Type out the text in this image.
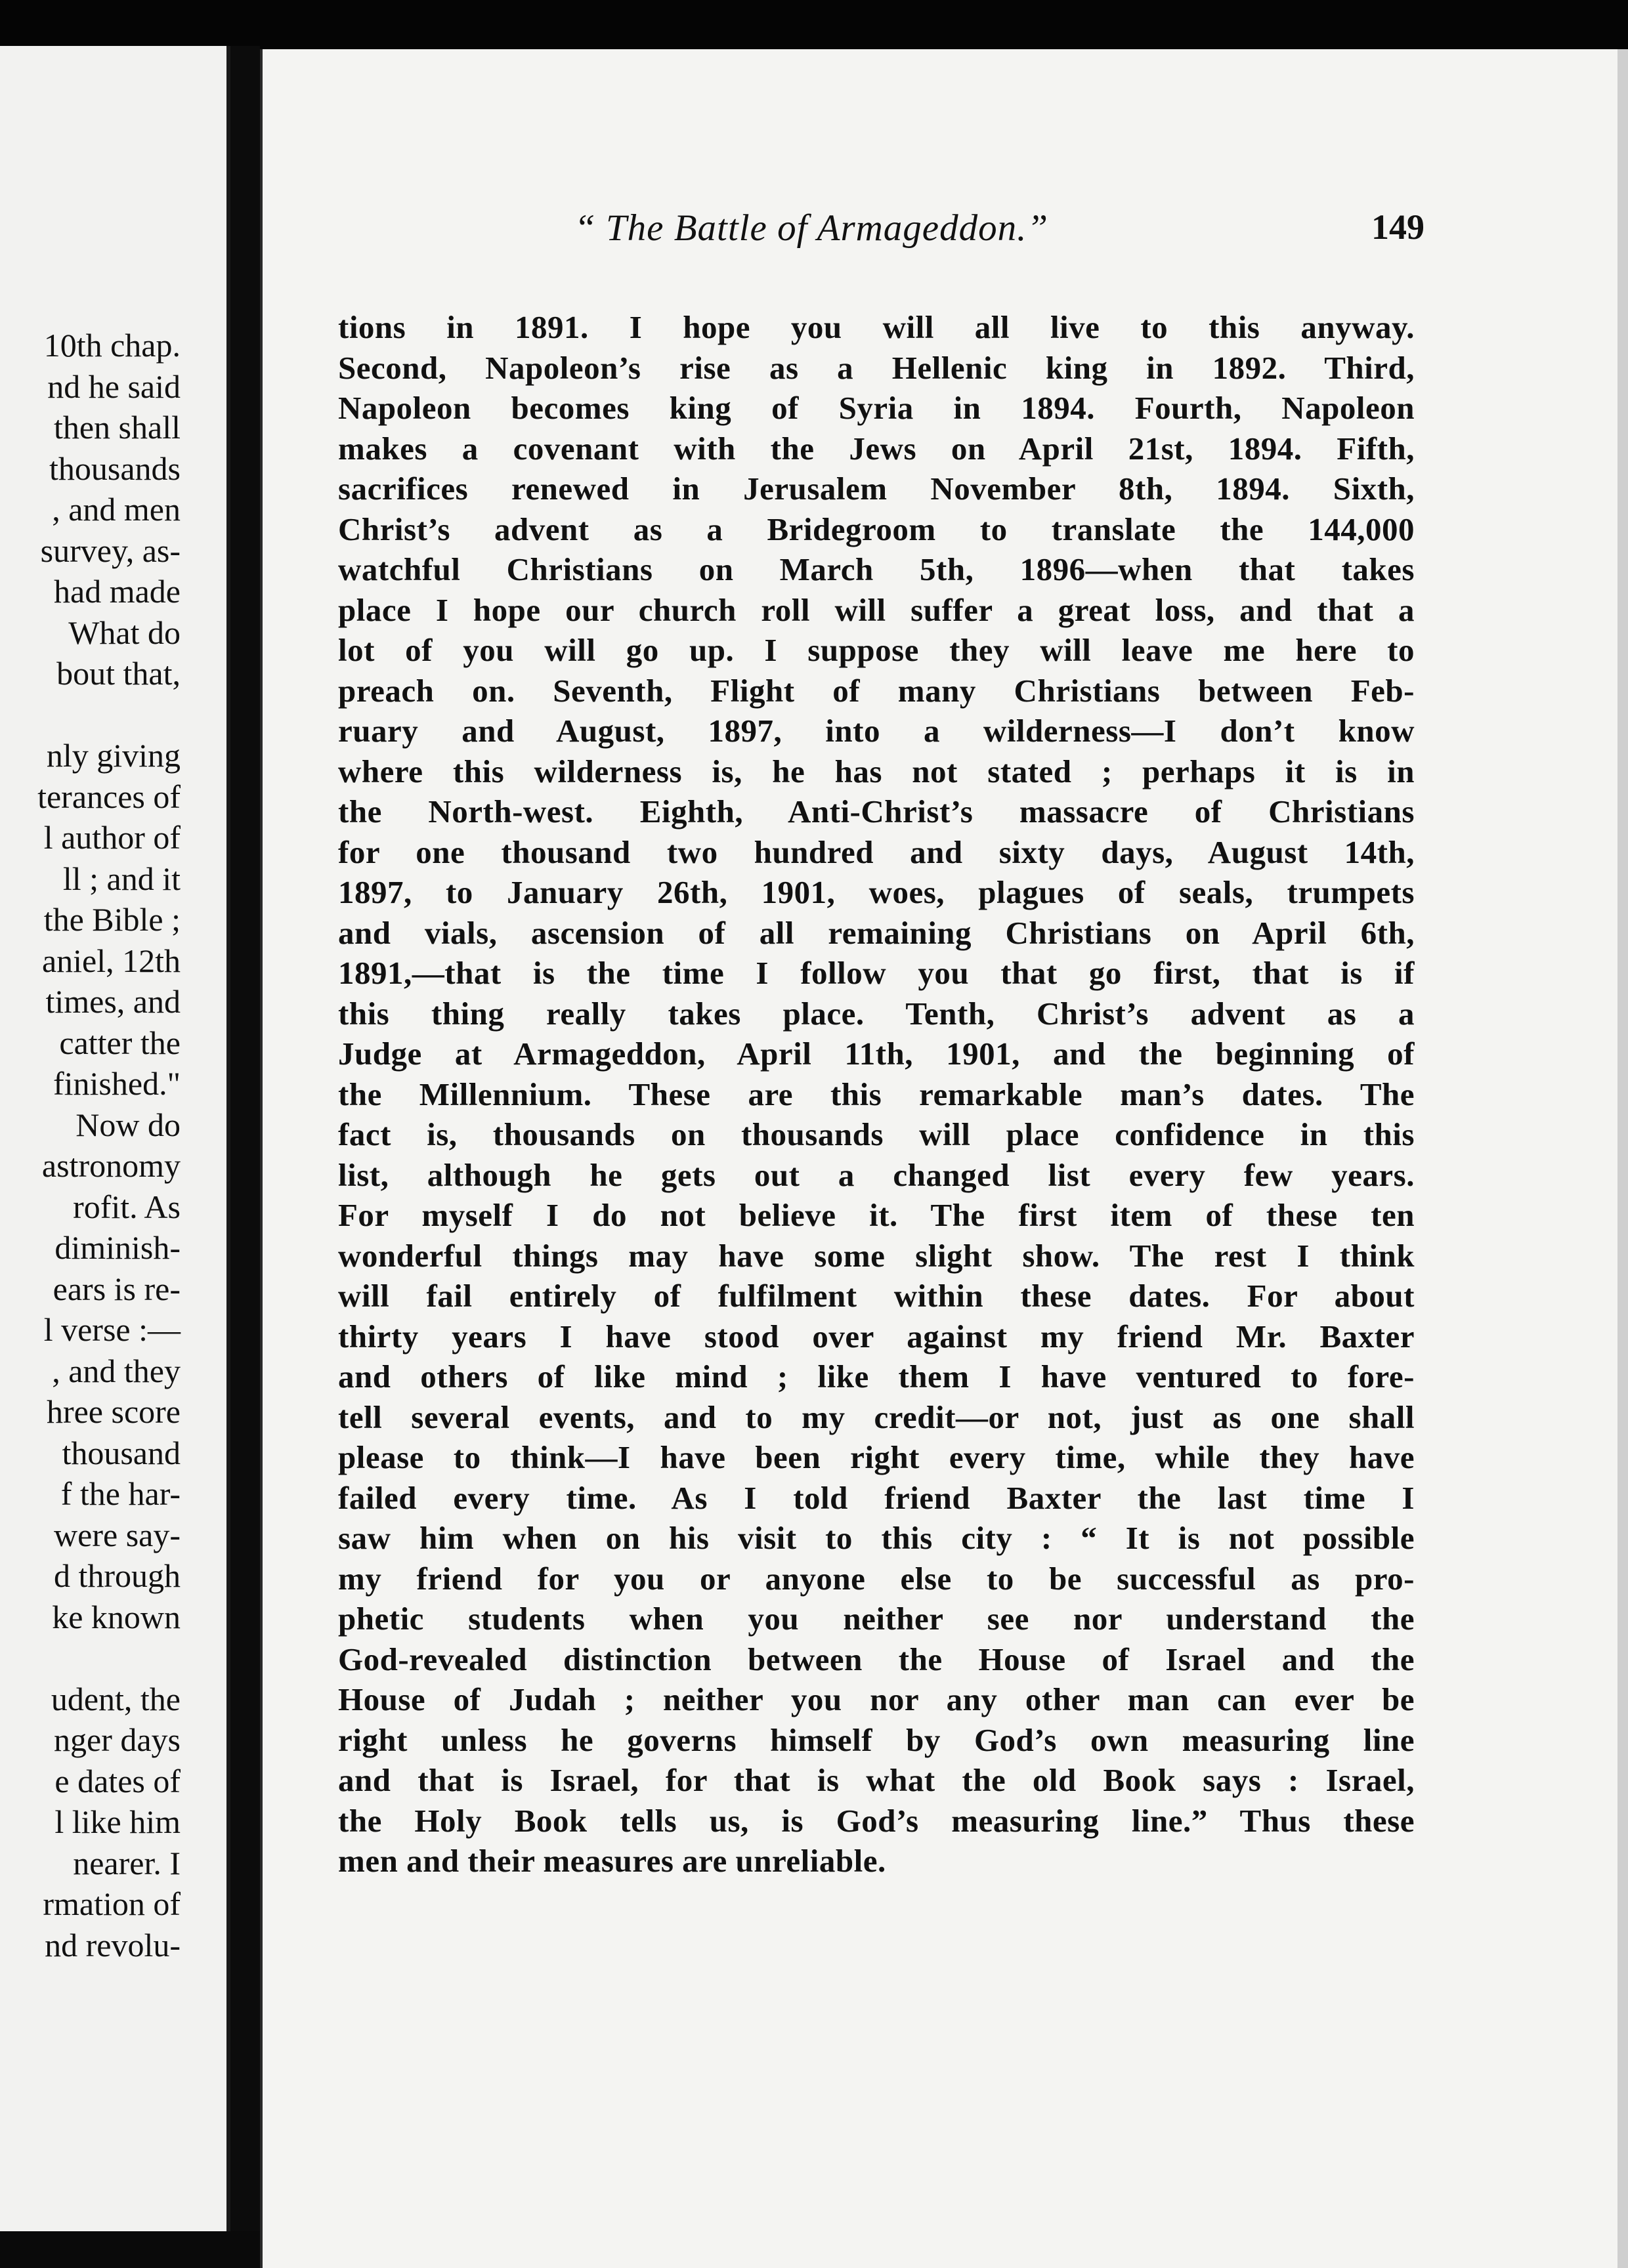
10th chap.
nd he said
then shall
thousands
, and men
survey, as-
had made
What do
bout that,
nly giving
terances of
l author of
ll ; and it
the Bible ;
aniel, 12th
times, and
catter the
finished."
Now do
astronomy
rofit. As
diminish-
ears is re-
l verse :—
, and they
hree score
thousand
f the har-
were say-
d through
ke known
udent, the
nger days
e dates of
l like him
nearer. I
rmation of
nd revolu-
“ The Battle of Armageddon.”	149
tions in 1891. I hope you will all live to this anyway.
Second, Napoleon’s rise as a Hellenic king in 1892. Third,
Napoleon becomes king of Syria in 1894. Fourth, Napoleon
makes a covenant with the Jews on April 21st, 1894. Fifth,
sacrifices renewed in Jerusalem November 8th, 1894. Sixth,
Christ’s advent as a Bridegroom to translate the 144,000
watchful Christians on March 5th, 1896—when that takes
place I hope our church roll will suffer a great loss, and that a
lot of you will go up. I suppose they will leave me here to
preach on. Seventh, Flight of many Christians between Feb-
ruary and August, 1897, into a wilderness—I don’t know
where this wilderness is, he has not stated ; perhaps it is in
the North-west. Eighth, Anti-Christ’s massacre of Christians
for one thousand two hundred and sixty days, August 14th,
1897, to January 26th, 1901, woes, plagues of seals, trumpets
and vials, ascension of all remaining Christians on April 6th,
1891,—that is the time I follow you that go first, that is if
this thing really takes place. Tenth, Christ’s advent as a
Judge at Armageddon, April 11th, 1901, and the beginning of
the Millennium. These are this remarkable man’s dates. The
fact is, thousands on thousands will place confidence in this
list, although he gets out a changed list every few years.
For myself I do not believe it. The first item of these ten
wonderful things may have some slight show. The rest I think
will fail entirely of fulfilment within these dates. For about
thirty years I have stood over against my friend Mr. Baxter
and others of like mind ; like them I have ventured to fore-
tell several events, and to my credit—or not, just as one shall
please to think—I have been right every time, while they have
failed every time. As I told friend Baxter the last time I
saw him when on his visit to this city : “ It is not possible
my friend for you or anyone else to be successful as pro-
phetic students when you neither see nor understand the
God-revealed distinction between the House of Israel and the
House of Judah ; neither you nor any other man can ever be
right unless he governs himself by God’s own measuring line
and that is Israel, for that is what the old Book says : Israel,
the Holy Book tells us, is God’s measuring line.” Thus these
men and their measures are unreliable.
